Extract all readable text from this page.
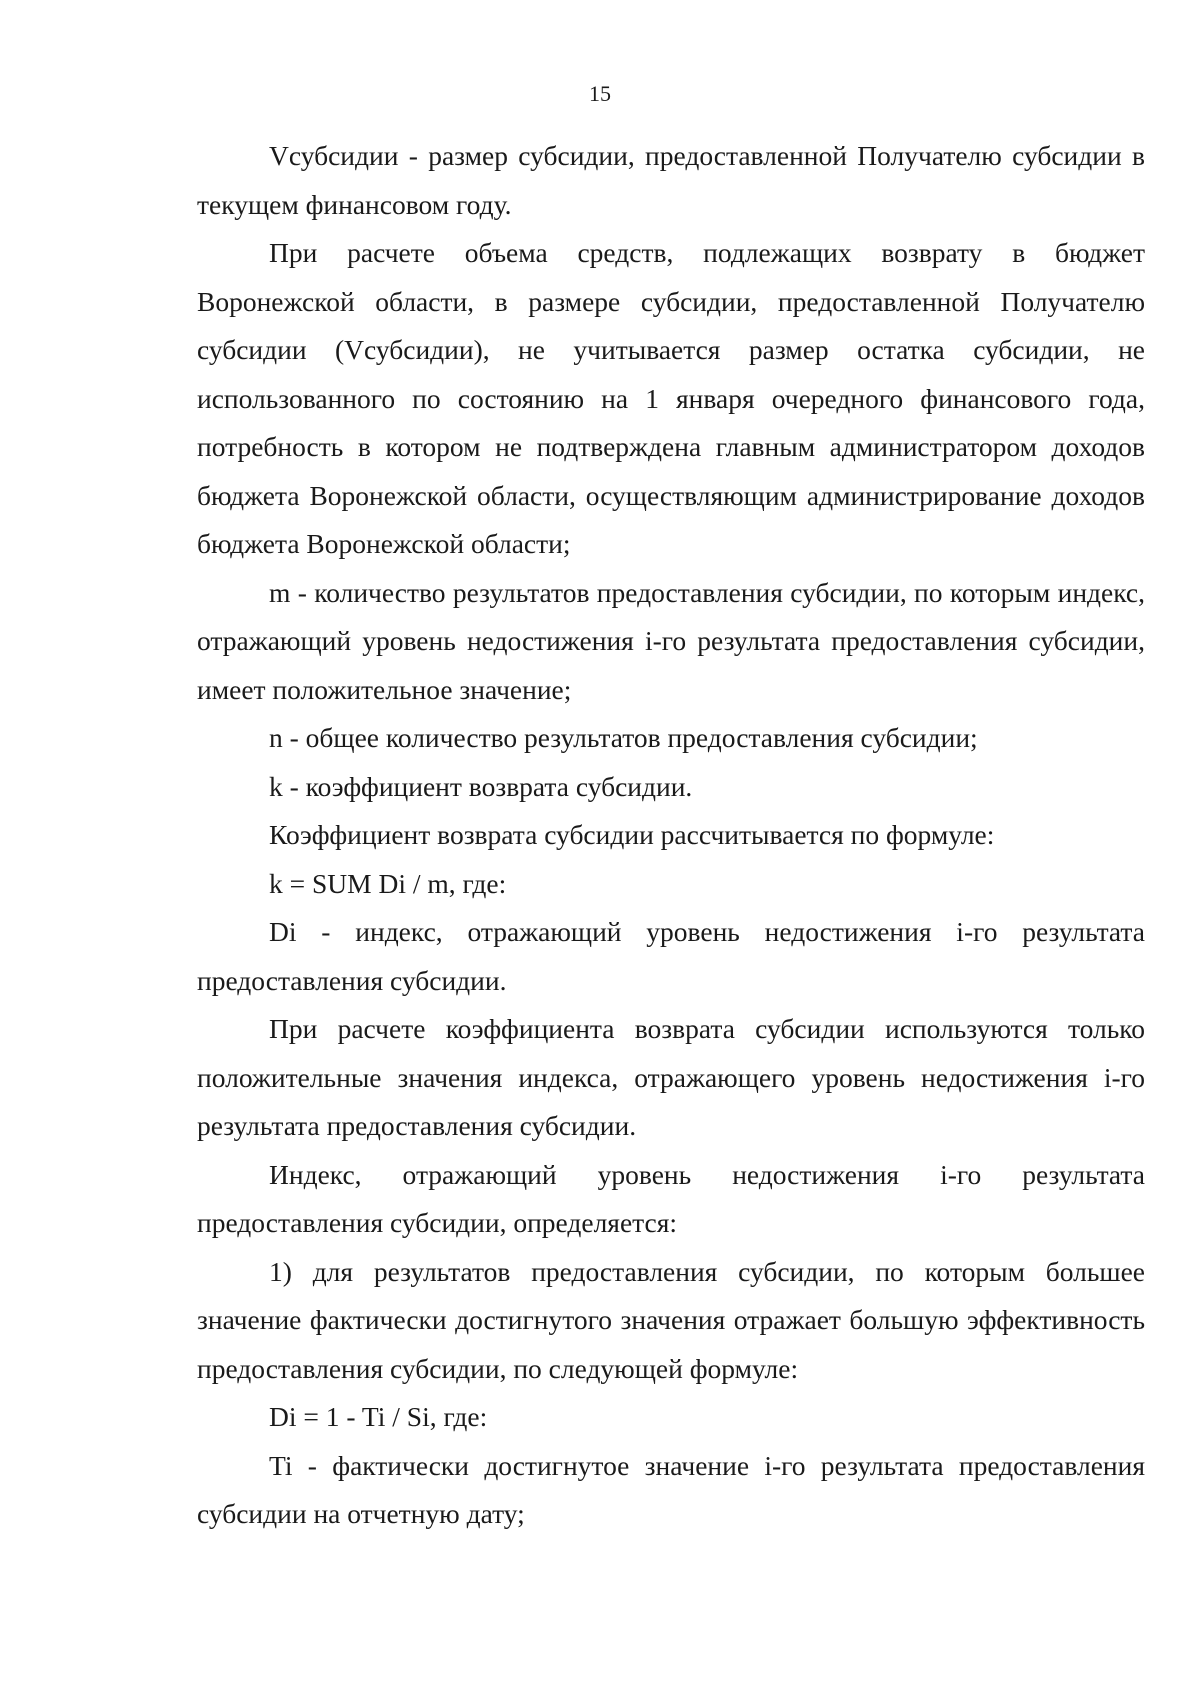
15

Vсубсидии - размер субсидии, предоставленной Получателю субсидии в текущем финансовом году.

При расчете объема средств, подлежащих возврату в бюджет Воронежской области, в размере субсидии, предоставленной Получателю субсидии (Vсубсидии), не учитывается размер остатка субсидии, не использованного по состоянию на 1 января очередного финансового года, потребность в котором не подтверждена главным администратором доходов бюджета Воронежской области, осуществляющим администрирование доходов бюджета Воронежской области;

m - количество результатов предоставления субсидии, по которым индекс, отражающий уровень недостижения i-го результата предоставления субсидии, имеет положительное значение;

n - общее количество результатов предоставления субсидии;

k - коэффициент возврата субсидии.

Коэффициент возврата субсидии рассчитывается по формуле:

k = SUM Di / m, где:

Di - индекс, отражающий уровень недостижения i-го результата предоставления субсидии.

При расчете коэффициента возврата субсидии используются только положительные значения индекса, отражающего уровень недостижения i-го результата предоставления субсидии.

Индекс, отражающий уровень недостижения i-го результата предоставления субсидии, определяется:

1) для результатов предоставления субсидии, по которым большее значение фактически достигнутого значения отражает большую эффективность предоставления субсидии, по следующей формуле:

Di = 1 - Ti / Si, где:

Ti - фактически достигнутое значение i-го результата предоставления субсидии на отчетную дату;
